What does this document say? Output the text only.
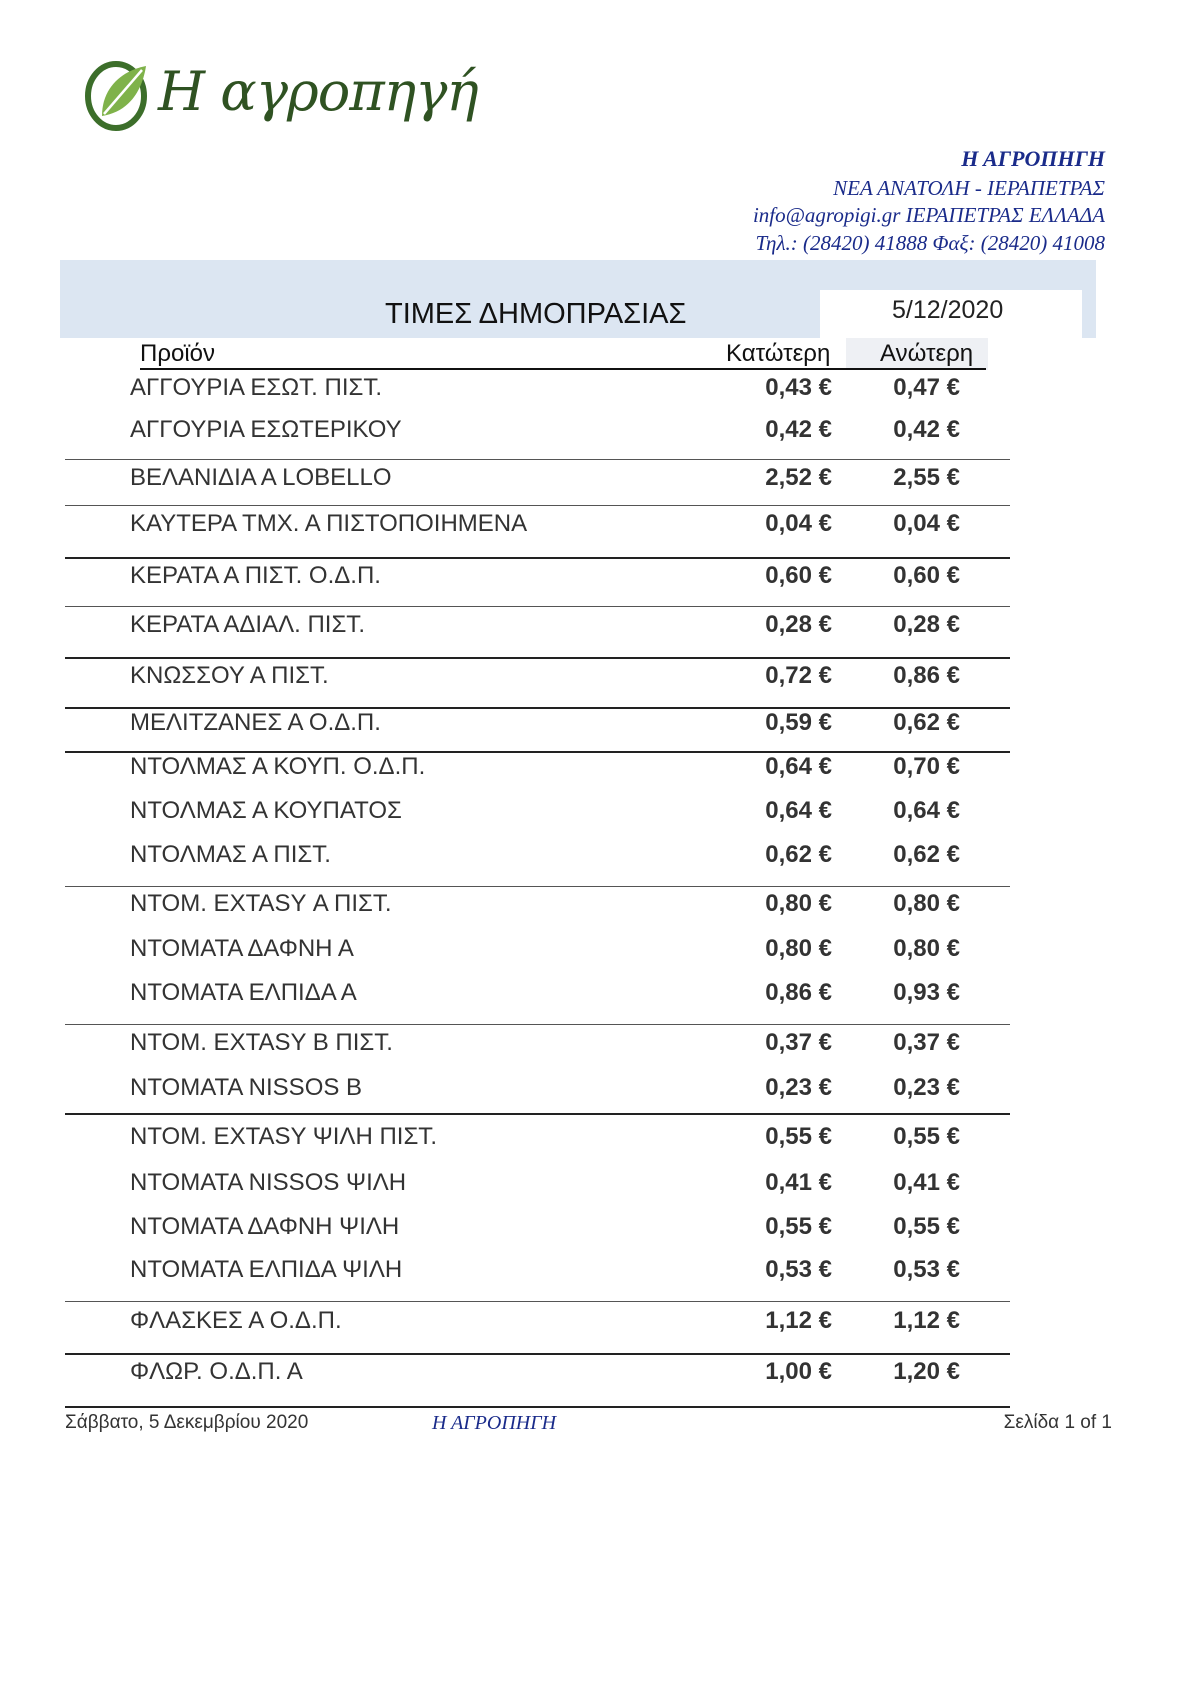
Η αγροπηγή
Η ΑΓΡΟΠΗΓΗ
ΝΕΑ ΑΝΑΤΟΛΗ - ΙΕΡΑΠΕΤΡΑΣ
info@agropigi.gr ΙΕΡΑΠΕΤΡΑΣ ΕΛΛΑΔΑ
Τηλ.: (28420) 41888 Φαξ: (28420) 41008
ΤΙΜΕΣ ΔΗΜΟΠΡΑΣΙΑΣ	5/12/2020
Προϊόν	Κατώτερη Ανώτερη
ΑΓΓΟΥΡΙΑ ΕΣΩΤ. ΠΙΣΤ.	0,43 €	0,47 €
ΑΓΓΟΥΡΙΑ ΕΣΩΤΕΡΙΚΟΥ	0,42 €	0,42 €
ΒΕΛΑΝΙΔΙΑ Α LOBELLO	2,52 €	2,55 €
ΚΑΥΤΕΡΑ ΤΜΧ. Α ΠΙΣΤΟΠΟΙΗΜΕΝΑ	0,04 €	0,04 €
ΚΕΡΑΤΑ Α ΠΙΣΤ. Ο.Δ.Π.	0,60 €	0,60 €
ΚΕΡΑΤΑ ΑΔΙΑΛ. ΠΙΣΤ.	0,28 €	0,28 €
ΚΝΩΣΣΟΥ Α ΠΙΣΤ.	0,72 €	0,86 €
ΜΕΛΙΤΖΑΝΕΣ Α Ο.Δ.Π.	0,59 €	0,62 €
ΝΤΟΛΜΑΣ Α ΚΟΥΠ. Ο.Δ.Π.	0,64 €	0,70 €
ΝΤΟΛΜΑΣ Α ΚΟΥΠΑΤΟΣ	0,64 €	0,64 €
ΝΤΟΛΜΑΣ Α ΠΙΣΤ.	0,62 €	0,62 €
ΝΤΟΜ. EXTASY Α ΠΙΣΤ.	0,80 €	0,80 €
ΝΤΟΜΑΤΑ ΔΑΦΝΗ Α	0,80 €	0,80 €
ΝΤΟΜΑΤΑ ΕΛΠΙΔΑ Α	0,86 €	0,93 €
ΝΤΟΜ. EXTASY Β ΠΙΣΤ.	0,37 €	0,37 €
ΝΤΟΜΑΤΑ NISSOS Β	0,23 €	0,23 €
ΝΤΟΜ. EXTASY ΨΙΛΗ ΠΙΣΤ.	0,55 €	0,55 €
ΝΤΟΜΑΤΑ NISSOS ΨΙΛΗ	0,41 €	0,41 €
ΝΤΟΜΑΤΑ ΔΑΦΝΗ ΨΙΛΗ	0,55 €	0,55 €
ΝΤΟΜΑΤΑ ΕΛΠΙΔΑ ΨΙΛΗ	0,53 €	0,53 €
ΦΛΑΣΚΕΣ Α Ο.Δ.Π.	1,12 €	1,12 €
ΦΛΩΡ. Ο.Δ.Π. Α	1,00 €	1,20 €
Σάββατο, 5 Δεκεμβρίου 2020	Η ΑΓΡΟΠΗΓΗ	Σελίδα 1 of 1
